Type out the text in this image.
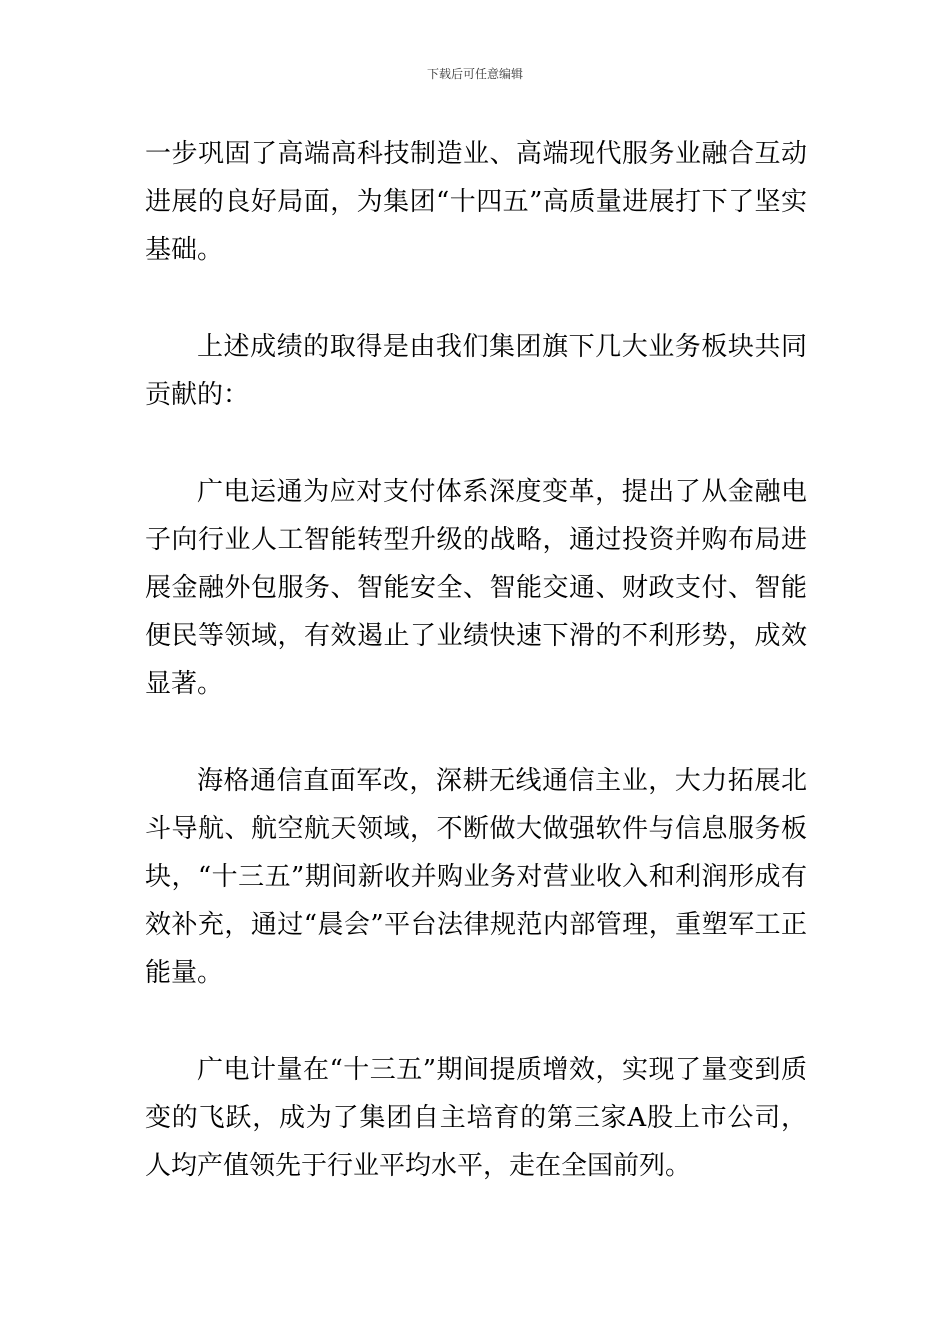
下载后可任意编辑

一步巩固了高端高科技制造业、高端现代服务业融合互动进展的良好局面，为集团“十四五”高质量进展打下了坚实基础。

上述成绩的取得是由我们集团旗下几大业务板块共同贡献的：

广电运通为应对支付体系深度变革，提出了从金融电子向行业人工智能转型升级的战略，通过投资并购布局进展金融外包服务、智能安全、智能交通、财政支付、智能便民等领域，有效遏止了业绩快速下滑的不利形势，成效显著。

海格通信直面军改，深耕无线通信主业，大力拓展北斗导航、航空航天领域，不断做大做强软件与信息服务板块，“十三五”期间新收并购业务对营业收入和利润形成有效补充，通过“晨会”平台法律规范内部管理，重塑军工正能量。

广电计量在“十三五”期间提质增效，实现了量变到质变的飞跃，成为了集团自主培育的第三家A股上市公司，人均产值领先于行业平均水平，走在全国前列。
